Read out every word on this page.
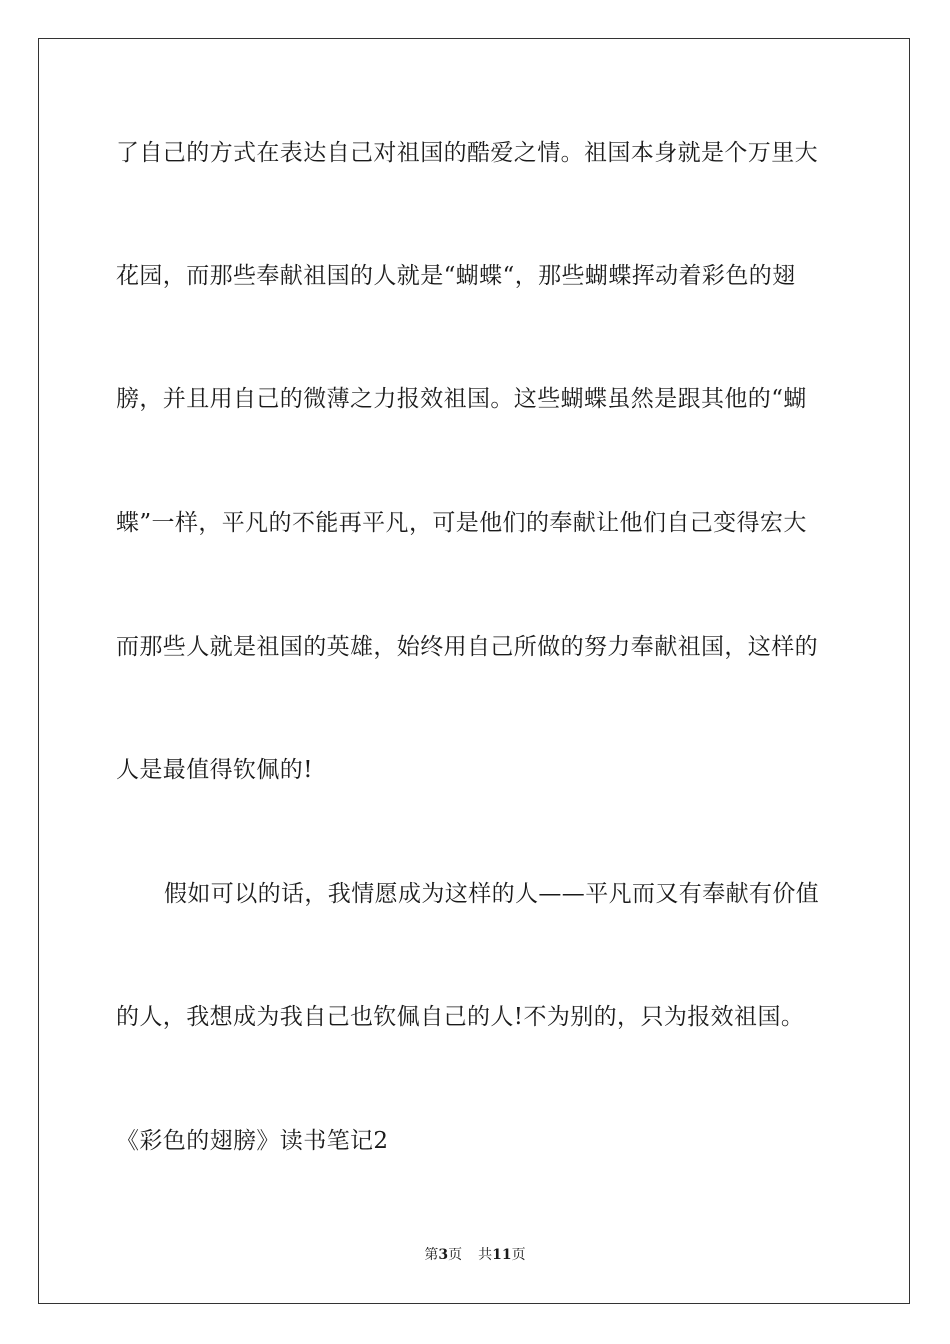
了自己的方式在表达自己对祖国的酷爱之情。祖国本身就是个万里大
花园，而那些奉献祖国的人就是“蝴蝶“，那些蝴蝶挥动着彩色的翅
膀，并且用自己的微薄之力报效祖国。这些蝴蝶虽然是跟其他的“蝴
蝶”一样，平凡的不能再平凡，可是他们的奉献让他们自己变得宏大
而那些人就是祖国的英雄，始终用自己所做的努力奉献祖国，这样的
人是最值得钦佩的!
假如可以的话，我情愿成为这样的人——平凡而又有奉献有价值
的人，我想成为我自己也钦佩自己的人!不为别的，只为报效祖国。
《彩色的翅膀》读书笔记2
第3页 共11页
